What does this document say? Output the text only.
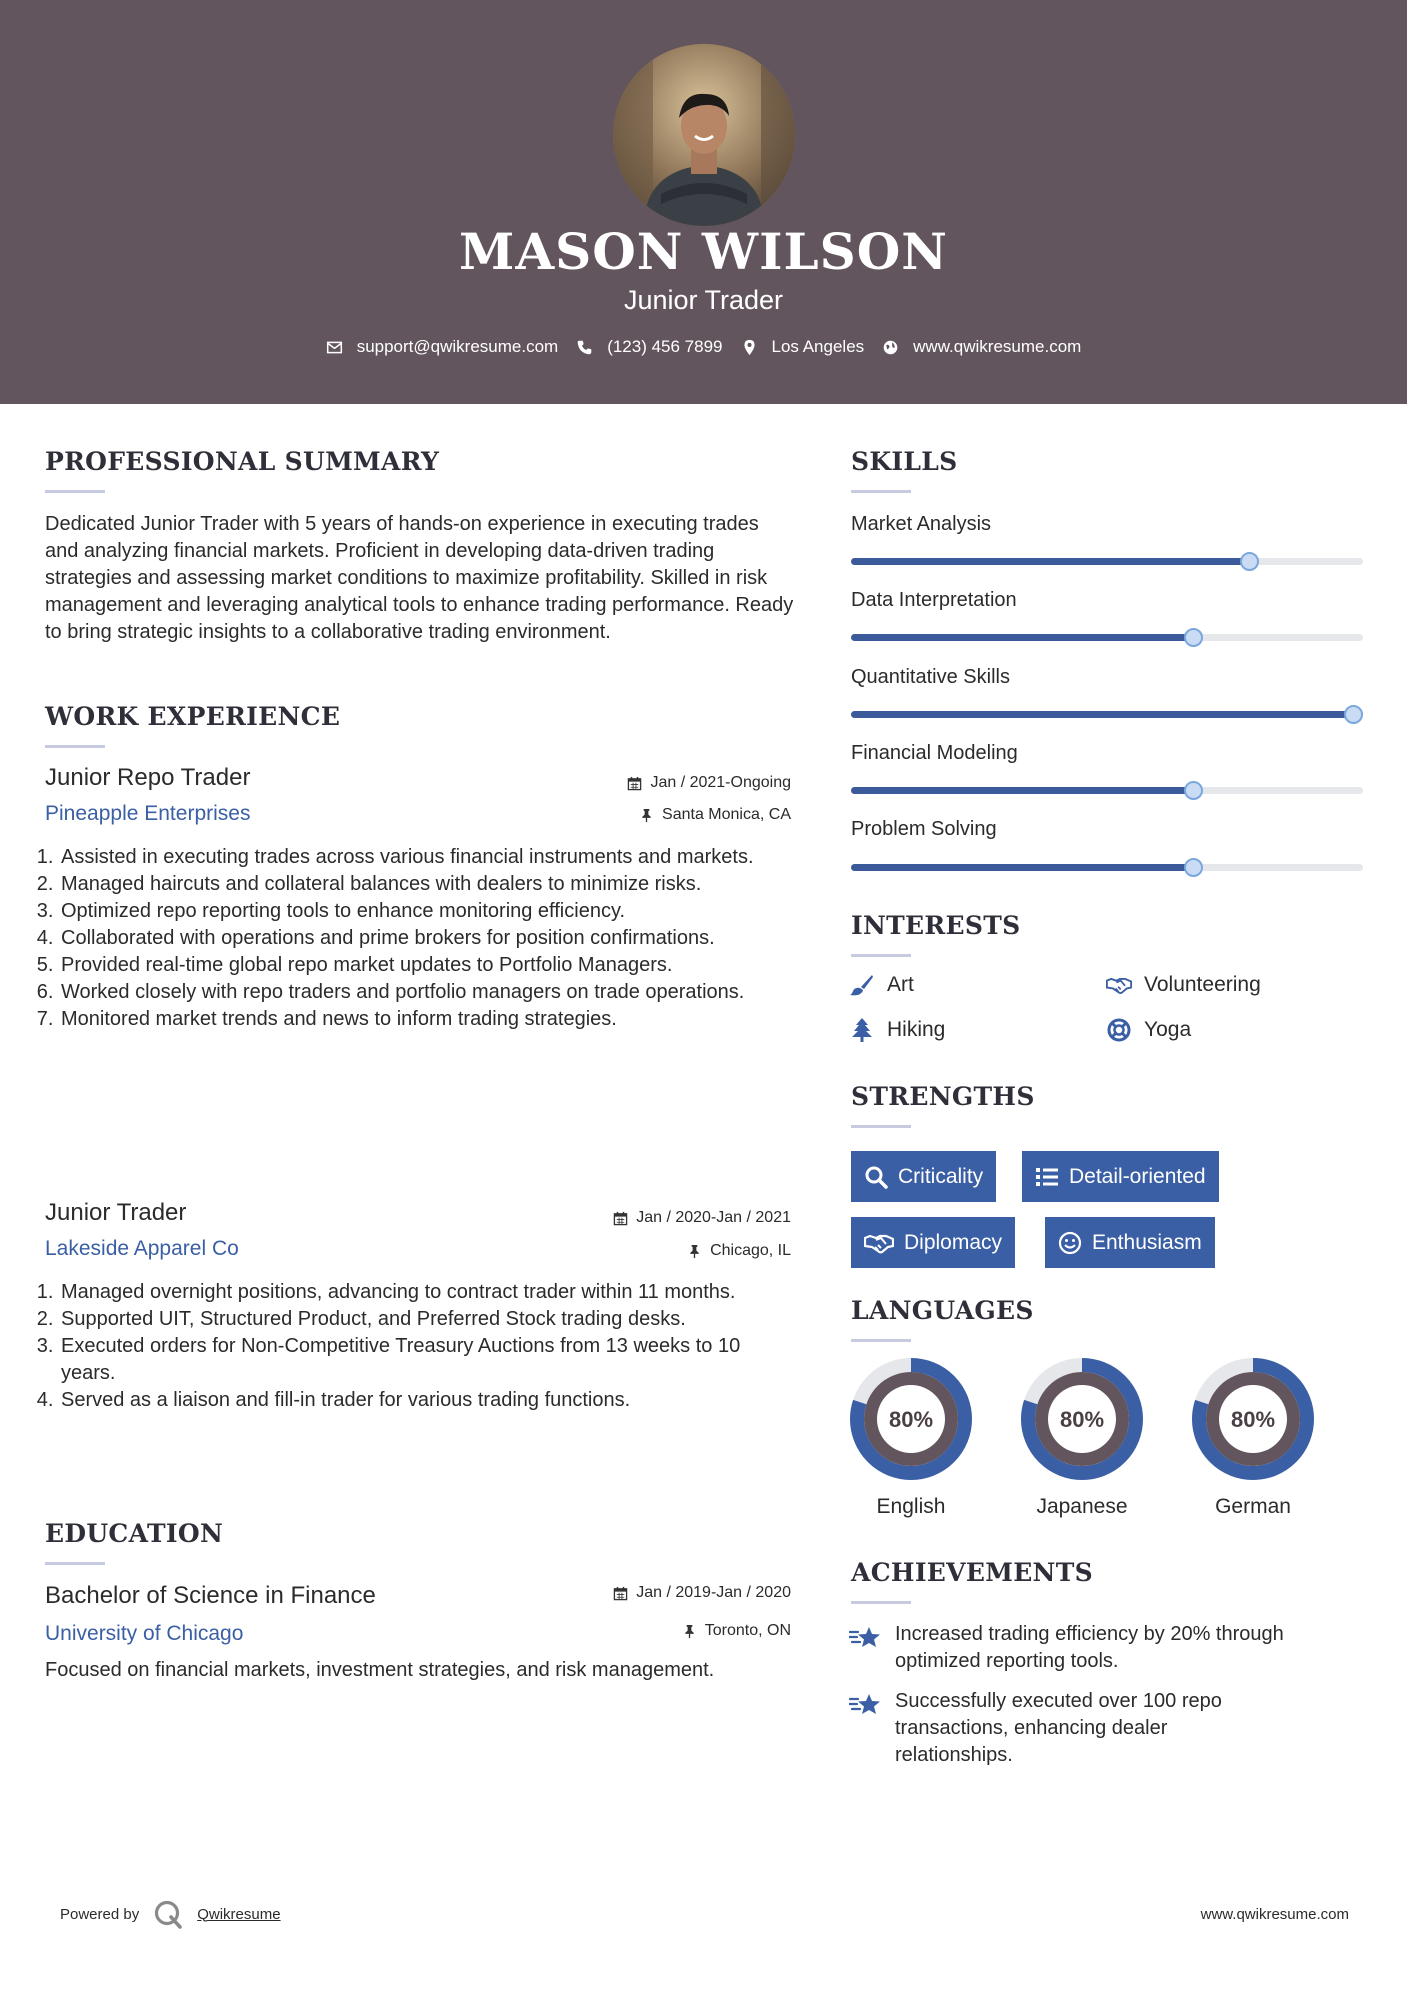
MASON WILSON
Junior Trader
support@qwikresume.com	(123) 456 7899	Los Angeles	www.qwikresume.com
PROFESSIONAL SUMMARY
Dedicated Junior Trader with 5 years of hands-on experience in executing trades and analyzing financial markets. Proficient in developing data-driven trading strategies and assessing market conditions to maximize profitability. Skilled in risk management and leveraging analytical tools to enhance trading performance. Ready to bring strategic insights to a collaborative trading environment.
WORK EXPERIENCE
Junior Repo Trader	Jan / 2021-Ongoing
Pineapple Enterprises	Santa Monica, CA
1. Assisted in executing trades across various financial instruments and markets.
2. Managed haircuts and collateral balances with dealers to minimize risks.
3. Optimized repo reporting tools to enhance monitoring efficiency.
4. Collaborated with operations and prime brokers for position confirmations.
5. Provided real-time global repo market updates to Portfolio Managers.
6. Worked closely with repo traders and portfolio managers on trade operations.
7. Monitored market trends and news to inform trading strategies.
Junior Trader	Jan / 2020-Jan / 2021
Lakeside Apparel Co	Chicago, IL
1. Managed overnight positions, advancing to contract trader within 11 months.
2. Supported UIT, Structured Product, and Preferred Stock trading desks.
3. Executed orders for Non-Competitive Treasury Auctions from 13 weeks to 10 years.
4. Served as a liaison and fill-in trader for various trading functions.
EDUCATION
Bachelor of Science in Finance	Jan / 2019-Jan / 2020
University of Chicago	Toronto, ON
Focused on financial markets, investment strategies, and risk management.
SKILLS
Market Analysis
Data Interpretation
Quantitative Skills
Financial Modeling
Problem Solving
INTERESTS
Art	Volunteering
Hiking	Yoga
STRENGTHS
Criticality	Detail-oriented
Diplomacy	Enthusiasm
LANGUAGES
80%
English
80%
Japanese
80%
German
ACHIEVEMENTS
Increased trading efficiency by 20% through optimized reporting tools.
Successfully executed over 100 repo transactions, enhancing dealer relationships.
Powered by	Qwikresume	www.qwikresume.com
